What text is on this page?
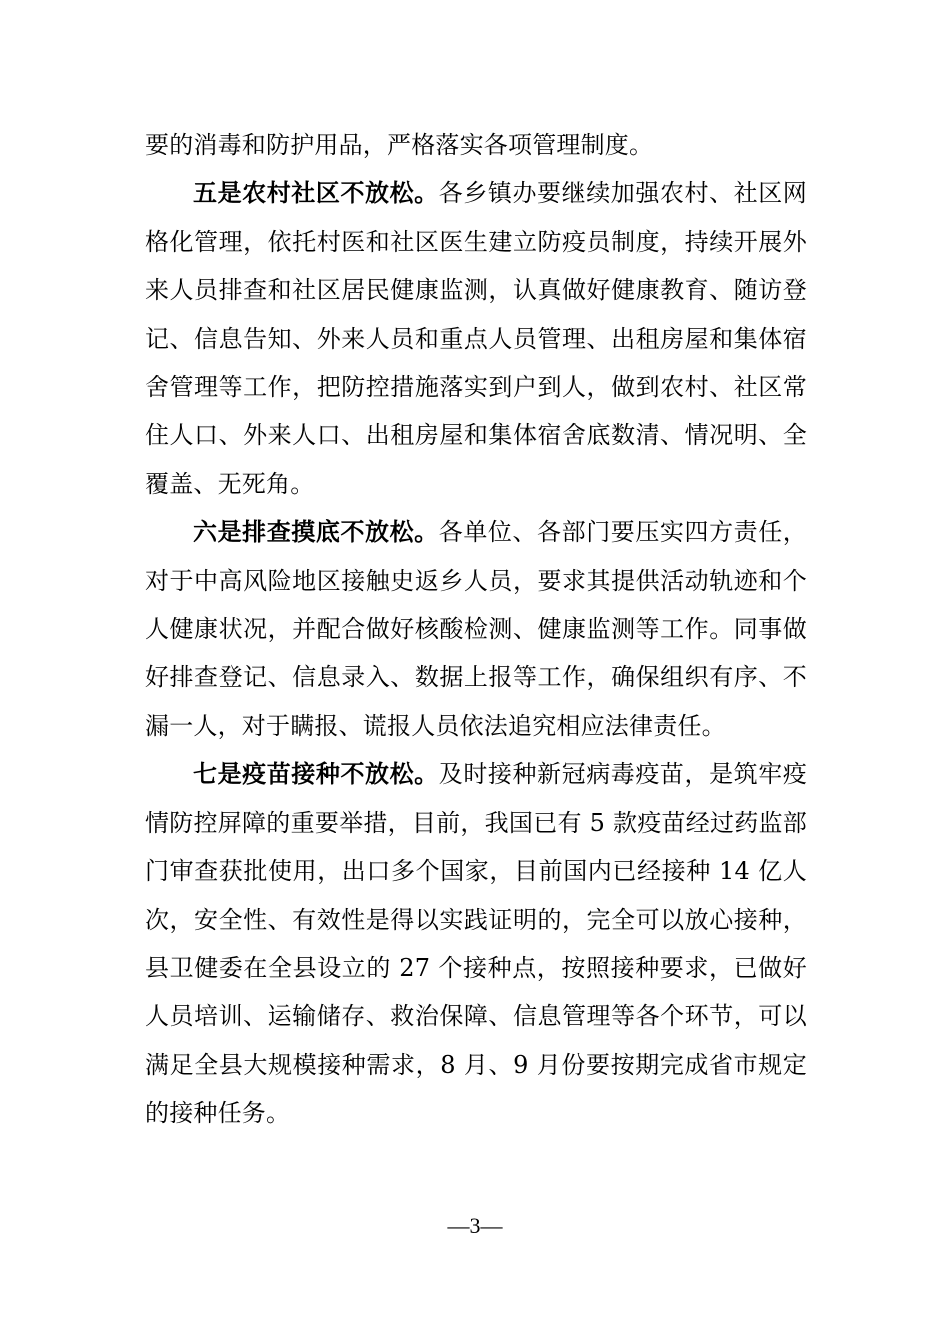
要的消毒和防护用品，严格落实各项管理制度。

五是农村社区不放松。各乡镇办要继续加强农村、社区网格化管理，依托村医和社区医生建立防疫员制度，持续开展外来人员排查和社区居民健康监测，认真做好健康教育、随访登记、信息告知、外来人员和重点人员管理、出租房屋和集体宿舍管理等工作，把防控措施落实到户到人，做到农村、社区常住人口、外来人口、出租房屋和集体宿舍底数清、情况明、全覆盖、无死角。

六是排查摸底不放松。各单位、各部门要压实四方责任，对于中高风险地区接触史返乡人员，要求其提供活动轨迹和个人健康状况，并配合做好核酸检测、健康监测等工作。同事做好排查登记、信息录入、数据上报等工作，确保组织有序、不漏一人，对于瞒报、谎报人员依法追究相应法律责任。

七是疫苗接种不放松。及时接种新冠病毒疫苗，是筑牢疫情防控屏障的重要举措，目前，我国已有 5 款疫苗经过药监部门审查获批使用，出口多个国家，目前国内已经接种 14 亿人次，安全性、有效性是得以实践证明的，完全可以放心接种，县卫健委在全县设立的 27 个接种点，按照接种要求，已做好人员培训、运输储存、救治保障、信息管理等各个环节，可以满足全县大规模接种需求，8 月、9 月份要按期完成省市规定的接种任务。

—3—
